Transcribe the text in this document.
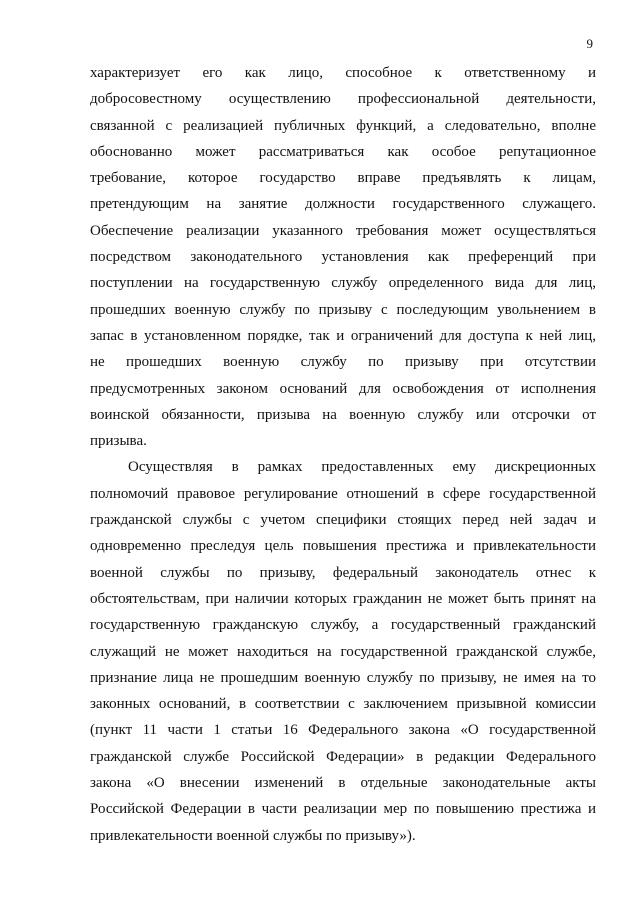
9
характеризует его как лицо, способное к ответственному и
добросовестному осуществлению профессиональной деятельности,
связанной с реализацией публичных функций, а следовательно, вполне
обоснованно может рассматриваться как особое репутационное
требование, которое государство вправе предъявлять к лицам,
претендующим на занятие должности государственного служащего.
Обеспечение реализации указанного требования может осуществляться
посредством законодательного установления как преференций при
поступлении на государственную службу определенного вида для лиц,
прошедших военную службу по призыву с последующим увольнением в
запас в установленном порядке, так и ограничений для доступа к ней лиц,
не прошедших военную службу по призыву при отсутствии
предусмотренных законом оснований для освобождения от исполнения
воинской обязанности, призыва на военную службу или отсрочки от
призыва.
Осуществляя в рамках предоставленных ему дискреционных
полномочий правовое регулирование отношений в сфере государственной
гражданской службы с учетом специфики стоящих перед ней задач и
одновременно преследуя цель повышения престижа и привлекательности
военной службы по призыву, федеральный законодатель отнес к
обстоятельствам, при наличии которых гражданин не может быть принят на
государственную гражданскую службу, а государственный гражданский
служащий не может находиться на государственной гражданской службе,
признание лица не прошедшим военную службу по призыву, не имея на то
законных оснований, в соответствии с заключением призывной комиссии
(пункт 11 части 1 статьи 16 Федерального закона «О государственной
гражданской службе Российской Федерации» в редакции Федерального
закона «О внесении изменений в отдельные законодательные акты
Российской Федерации в части реализации мер по повышению престижа и
привлекательности военной службы по призыву»).
